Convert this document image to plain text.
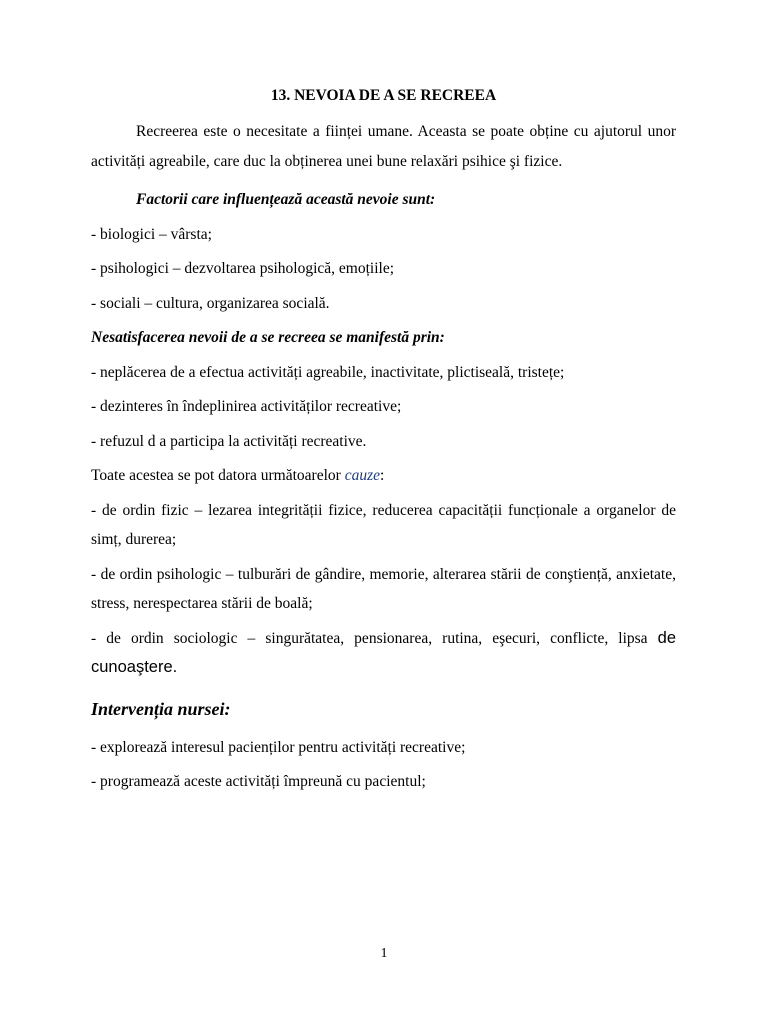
13. NEVOIA DE A SE RECREEA

Recreerea este o necesitate a ființei umane. Aceasta se poate obține cu ajutorul unor activități agreabile, care duc la obținerea unei bune relaxări psihice şi fizice.

Factorii care influențează această nevoie sunt:

- biologici – vârsta;

- psihologici – dezvoltarea psihologică, emoțiile;

- sociali – cultura, organizarea socială.

Nesatisfacerea nevoii de a se recreea se manifestă prin:

- neplăcerea de a efectua activități agreabile, inactivitate, plictiseală, tristețe;

- dezinteres în îndeplinirea activităților recreative;

- refuzul d a participa la activități recreative.

Toate acestea se pot datora următoarelor cauze:

- de ordin fizic – lezarea integrității fizice, reducerea capacității funcționale a organelor de simț, durerea;

- de ordin psihologic – tulburări de gândire, memorie, alterarea stării de conştiență, anxietate, stress, nerespectarea stării de boală;

- de ordin sociologic – singurătatea, pensionarea, rutina, eşecuri, conflicte, lipsa de cunoaştere.

Intervenția nursei:

- explorează interesul pacienților pentru activități recreative;

- programează aceste activități împreună cu pacientul;

1
